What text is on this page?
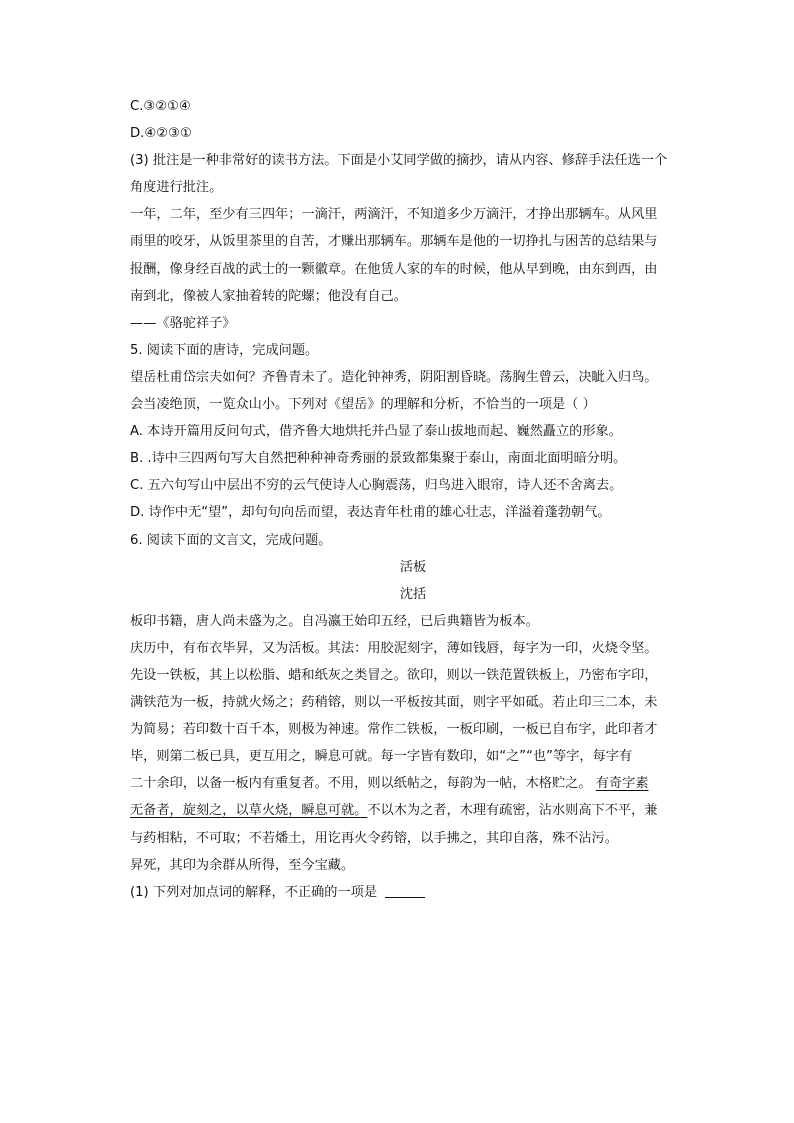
C.③②①④
D.④②③①
(3) 批注是一种非常好的读书方法。下面是小艾同学做的摘抄，请从内容、修辞手法任选一个
角度进行批注。
一年，二年，至少有三四年；一滴汗，两滴汗，不知道多少万滴汗，才挣出那辆车。从风里
雨里的咬牙，从饭里茶里的自苦，才赚出那辆车。那辆车是他的一切挣扎与困苦的总结果与
报酬，像身经百战的武士的一颗徽章。在他赁人家的车的时候，他从早到晚，由东到西，由
南到北，像被人家抽着转的陀螺；他没有自己。
——《骆驼祥子》
5. 阅读下面的唐诗，完成问题。
望岳杜甫岱宗夫如何？齐鲁青未了。造化钟神秀，阴阳割昏晓。荡胸生曾云，决眦入归鸟。
会当凌绝顶，一览众山小。下列对《望岳》的理解和分析，不恰当的一项是（ ）
A. 本诗开篇用反问句式，借齐鲁大地烘托并凸显了泰山拔地而起、巍然矗立的形象。
B. .诗中三四两句写大自然把种种神奇秀丽的景致都集聚于泰山，南面北面明暗分明。
C. 五六句写山中层出不穷的云气使诗人心胸震荡，归鸟进入眼帘，诗人还不舍离去。
D. 诗作中无“望”，却句句向岳而望，表达青年杜甫的雄心壮志，洋溢着蓬勃朝气。
6. 阅读下面的文言文，完成问题。
活板
沈括
板印书籍，唐人尚未盛为之。自冯瀛王始印五经，已后典籍皆为板本。
庆历中，有布衣毕昇，又为活板。其法：用胶泥刻字，薄如钱唇，每字为一印，火烧令坚。
先设一铁板，其上以松脂、蜡和纸灰之类冒之。欲印，则以一铁范置铁板上，乃密布字印，
满铁范为一板，持就火炀之；药稍镕，则以一平板按其面，则字平如砥。若止印三二本，未
为简易；若印数十百千本，则极为神速。常作二铁板，一板印刷，一板已自布字，此印者才
毕，则第二板已具，更互用之，瞬息可就。每一字皆有数印，如“之”“也”等字，每字有
二十余印，以备一板内有重复者。不用，则以纸帖之，每韵为一帖，木格贮之。 有奇字素
无备者，旋刻之，以草火烧，瞬息可就。不以木为之者，木理有疏密，沾水则高下不平，兼
与药相粘，不可取；不若燔土，用讫再火令药镕，以手拂之，其印自落，殊不沾污。
昇死，其印为余群从所得，至今宝藏。
(1) 下列对加点词的解释，不正确的一项是
